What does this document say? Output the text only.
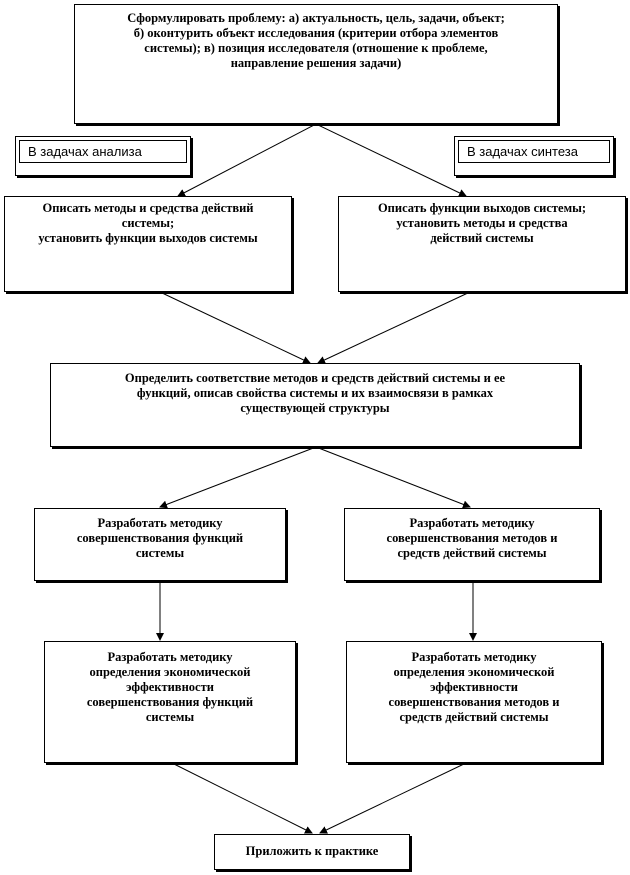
Сформулировать проблему: а) актуальность, цель, задачи, объект;
б) оконтурить объект исследования (критерии отбора элементов
системы); в) позиция исследователя (отношение к проблеме,
направление решения задачи)
В задачах анализа	В задачах синтеза
Описать методы и средства действий
системы;
установить функции выходов системы
Описать функции выходов системы;
установить методы и средства
действий системы
Определить соответствие методов и средств действий системы и ее
функций, описав свойства системы и их взаимосвязи в рамках
существующей структуры
Разработать методику
совершенствования функций
системы
Разработать методику
совершенствования методов и
средств действий системы
Разработать методику
определения экономической
эффективности
совершенствования функций
системы
Разработать методику
определения экономической
эффективности
совершенствования методов и
средств действий системы
Приложить к практике
